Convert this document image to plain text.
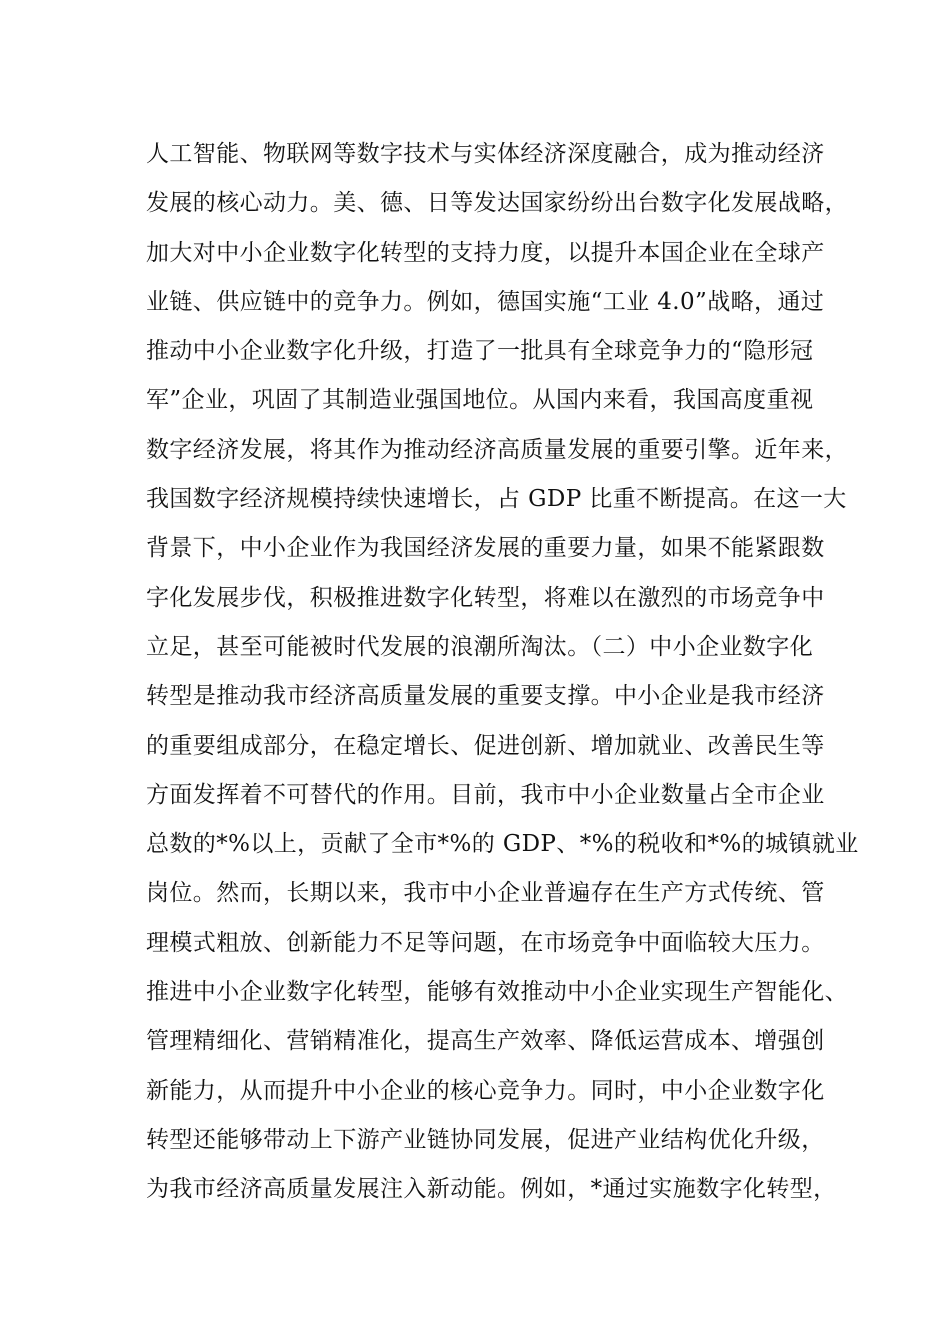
人工智能、物联网等数字技术与实体经济深度融合，成为推动经济
发展的核心动力。美、德、日等发达国家纷纷出台数字化发展战略，
加大对中小企业数字化转型的支持力度，以提升本国企业在全球产
业链、供应链中的竞争力。例如，德国实施“工业 4.0”战略，通过
推动中小企业数字化升级，打造了一批具有全球竞争力的“隐形冠
军”企业，巩固了其制造业强国地位。从国内来看，我国高度重视
数字经济发展，将其作为推动经济高质量发展的重要引擎。近年来，
我国数字经济规模持续快速增长，占 GDP 比重不断提高。在这一大
背景下，中小企业作为我国经济发展的重要力量，如果不能紧跟数
字化发展步伐，积极推进数字化转型，将难以在激烈的市场竞争中
立足，甚至可能被时代发展的浪潮所淘汰。（二）中小企业数字化
转型是推动我市经济高质量发展的重要支撑。中小企业是我市经济
的重要组成部分，在稳定增长、促进创新、增加就业、改善民生等
方面发挥着不可替代的作用。目前，我市中小企业数量占全市企业
总数的*%以上，贡献了全市*%的 GDP、*%的税收和*%的城镇就业
岗位。然而，长期以来，我市中小企业普遍存在生产方式传统、管
理模式粗放、创新能力不足等问题，在市场竞争中面临较大压力。
推进中小企业数字化转型，能够有效推动中小企业实现生产智能化、
管理精细化、营销精准化，提高生产效率、降低运营成本、增强创
新能力，从而提升中小企业的核心竞争力。同时，中小企业数字化
转型还能够带动上下游产业链协同发展，促进产业结构优化升级，
为我市经济高质量发展注入新动能。例如，*通过实施数字化转型，
